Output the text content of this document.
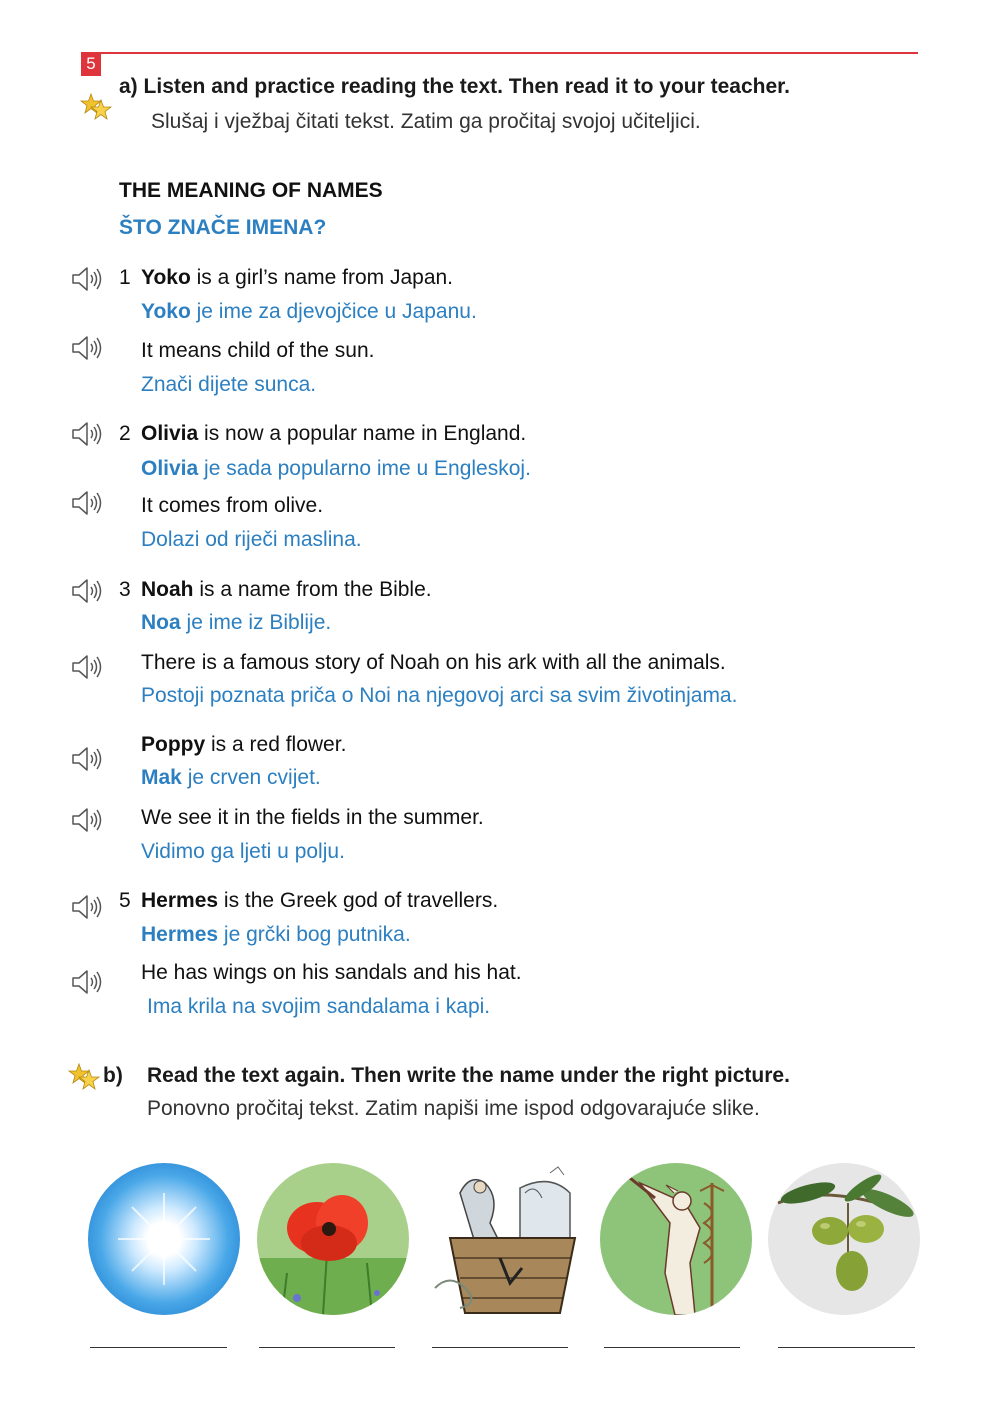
5
a) Listen and practice reading the text. Then read it to your teacher.
Slušaj i vježbaj čitati tekst. Zatim ga pročitaj svojoj učiteljici.
THE MEANING OF NAMES
ŠTO ZNAČE IMENA?
1 Yoko is a girl’s name from Japan.
Yoko je ime za djevojčice u Japanu.
It means child of the sun.
Znači dijete sunca.
2 Olivia is now a popular name in England.
Olivia je sada popularno ime u Engleskoj.
It comes from olive.
Dolazi od riječi maslina.
3 Noah is a name from the Bible.
Noa je ime iz Biblije.
There is a famous story of Noah on his ark with all the animals.
Postoji poznata priča o Noi na njegovoj arci sa svim životinjama.
Poppy is a red flower.
Mak je crven cvijet.
We see it in the fields in the summer.
Vidimo ga ljeti u polju.
5 Hermes is the Greek god of travellers.
Hermes je grčki bog putnika.
He has wings on his sandals and his hat.
Ima krila na svojim sandalama i kapi.
b) Read the text again. Then write the name under the right picture.
Ponovno pročitaj tekst. Zatim napiši ime ispod odgovarajuće slike.
